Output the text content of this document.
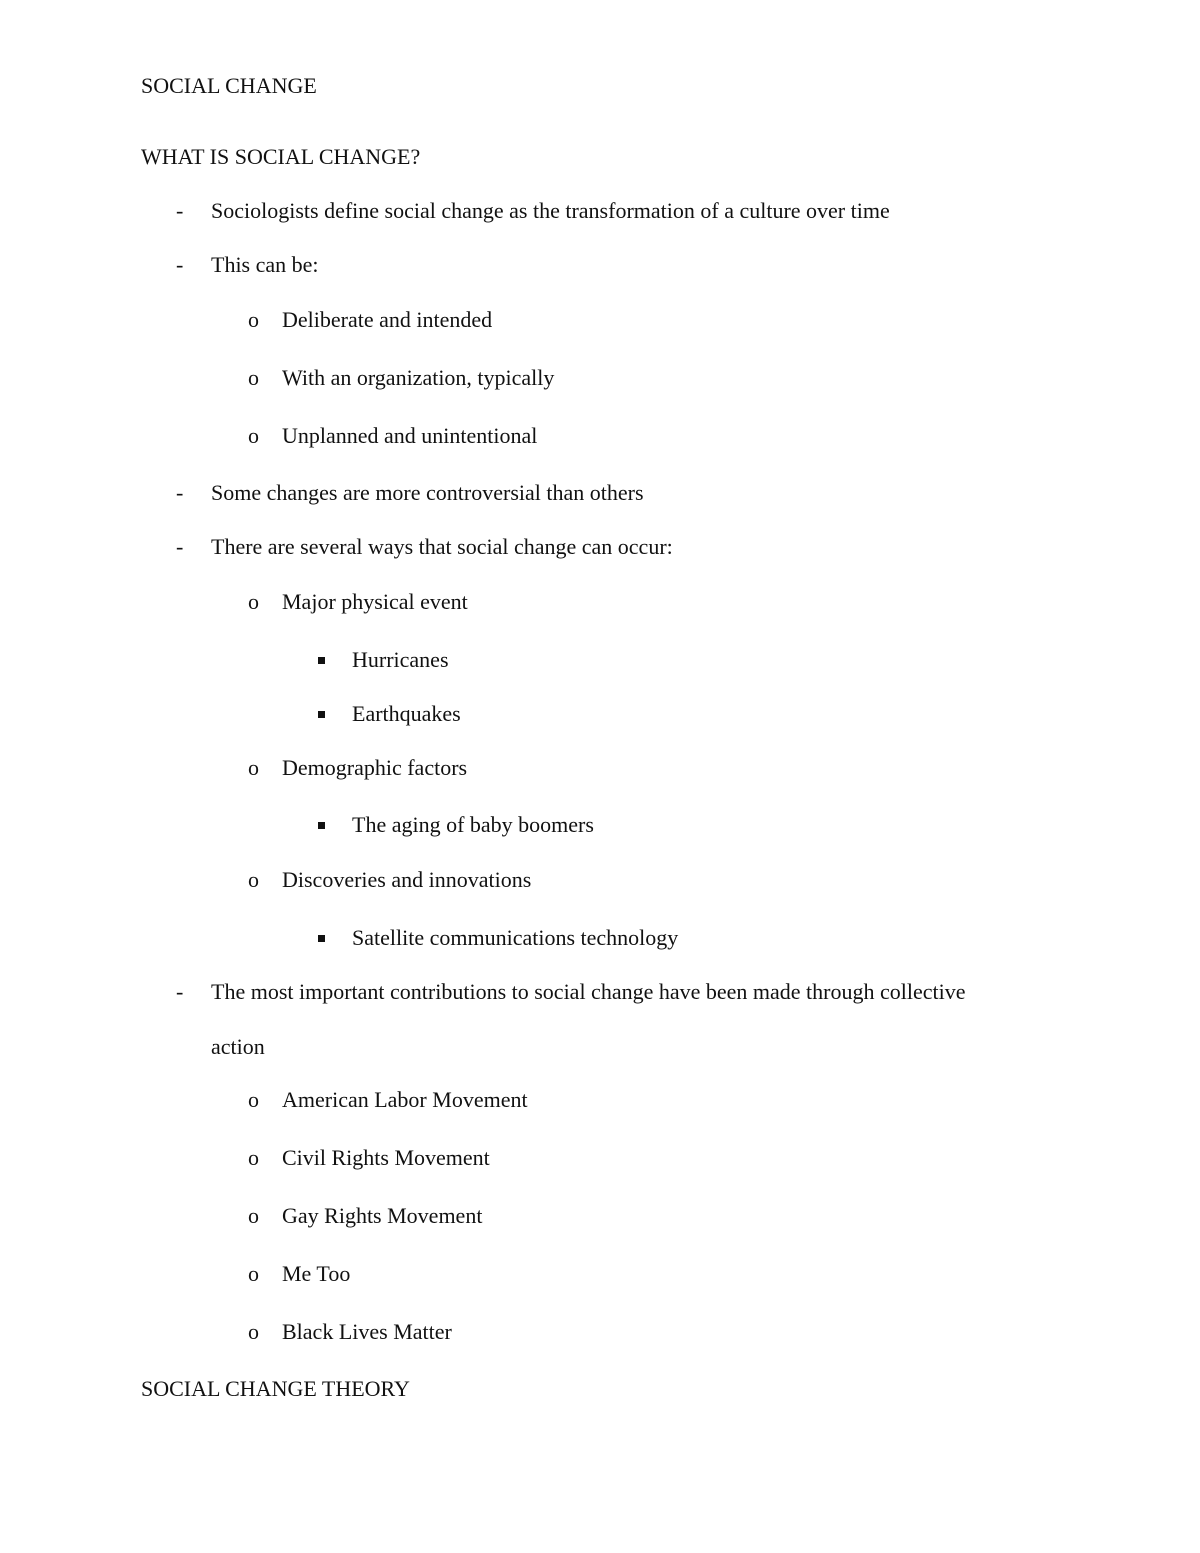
SOCIAL CHANGE
WHAT IS SOCIAL CHANGE?
- Sociologists define social change as the transformation of a culture over time
- This can be:
o Deliberate and intended
o With an organization, typically
o Unplanned and unintentional
- Some changes are more controversial than others
- There are several ways that social change can occur:
o Major physical event
Hurricanes
Earthquakes
o Demographic factors
The aging of baby boomers
o Discoveries and innovations
Satellite communications technology
- The most important contributions to social change have been made through collective
action
o American Labor Movement
o Civil Rights Movement
o Gay Rights Movement
o Me Too
o Black Lives Matter
SOCIAL CHANGE THEORY
